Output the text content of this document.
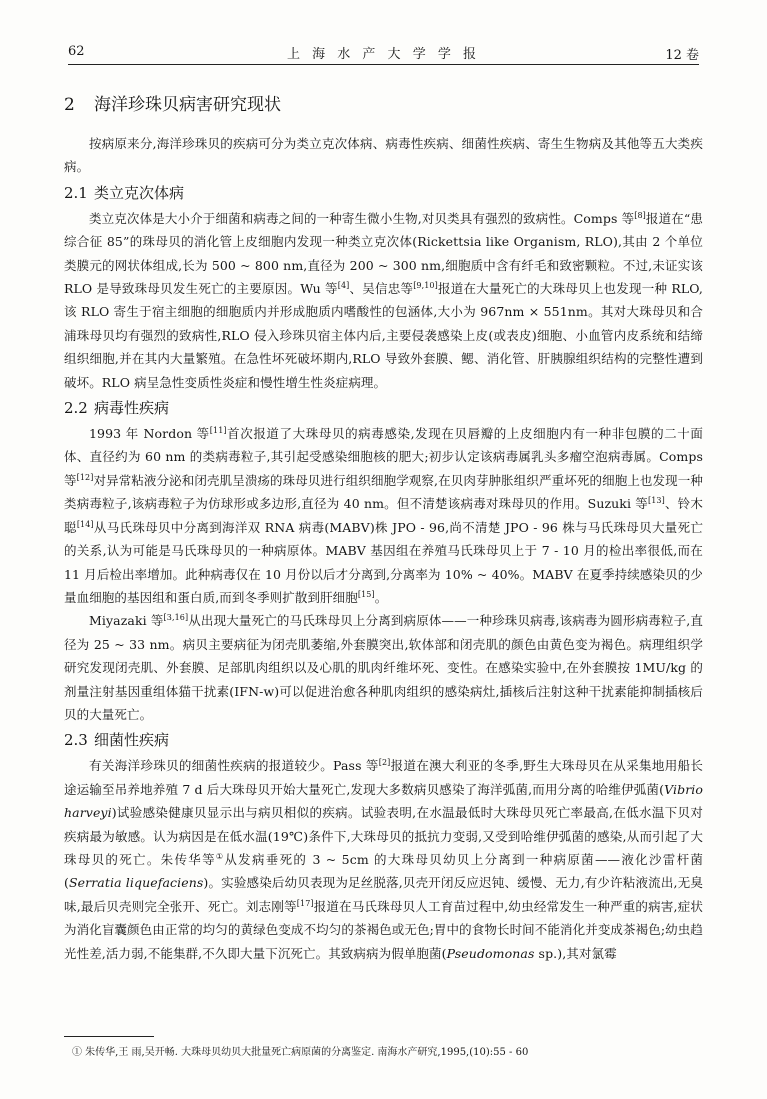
62	上 海 水 产 大 学 学 报	12 卷
2 海洋珍珠贝病害研究现状

按病原来分,海洋珍珠贝的疾病可分为类立克次体病、病毒性疾病、细菌性疾病、寄生生物病及其他等五大类疾病。

2.1 类立克次体病

类立克次体是大小介于细菌和病毒之间的一种寄生微小生物,对贝类具有强烈的致病性。Comps 等[8]报道在“患综合征 85”的珠母贝的消化管上皮细胞内发现一种类立克次体(Rickettsia like Organism, RLO),其由 2 个单位类膜元的网状体组成,长为 500 ~ 800 nm,直径为 200 ~ 300 nm,细胞质中含有纤毛和致密颗粒。不过,未证实该 RLO 是导致珠母贝发生死亡的主要原因。Wu 等[4]、吴信忠等[9,10]报道在大量死亡的大珠母贝上也发现一种 RLO,该 RLO 寄生于宿主细胞的细胞质内并形成胞质内嗜酸性的包涵体,大小为 967nm × 551nm。其对大珠母贝和合浦珠母贝均有强烈的致病性,RLO 侵入珍珠贝宿主体内后,主要侵袭感染上皮(或表皮)细胞、小血管内皮系统和结缔组织细胞,并在其内大量繁殖。在急性坏死破坏期内,RLO 导致外套膜、鳃、消化管、肝胰腺组织结构的完整性遭到破坏。RLO 病呈急性变质性炎症和慢性增生性炎症病理。

2.2 病毒性疾病

1993 年 Nordon 等[11]首次报道了大珠母贝的病毒感染,发现在贝唇瓣的上皮细胞内有一种非包膜的二十面体、直径约为 60 nm 的类病毒粒子,其引起受感染细胞核的肥大;初步认定该病毒属乳头多瘤空泡病毒属。Comps 等[12]对异常粘液分泌和闭壳肌呈溃疡的珠母贝进行组织细胞学观察,在贝肉芽肿胀组织严重坏死的细胞上也发现一种类病毒粒子,该病毒粒子为仿球形或多边形,直径为 40 nm。但不清楚该病毒对珠母贝的作用。Suzuki 等[13]、铃木聪[14]从马氏珠母贝中分离到海洋双 RNA 病毒(MABV)株 JPO - 96,尚不清楚 JPO - 96 株与马氏珠母贝大量死亡的关系,认为可能是马氏珠母贝的一种病原体。MABV 基因组在养殖马氏珠母贝上于 7 - 10 月的检出率很低,而在 11 月后检出率增加。此种病毒仅在 10 月份以后才分离到,分离率为 10% ~ 40%。MABV 在夏季持续感染贝的少量血细胞的基因组和蛋白质,而到冬季则扩散到肝细胞[15]。

Miyazaki 等[3,16]从出现大量死亡的马氏珠母贝上分离到病原体——一种珍珠贝病毒,该病毒为圆形病毒粒子,直径为 25 ~ 33 nm。病贝主要病征为闭壳肌萎缩,外套膜突出,软体部和闭壳肌的颜色由黄色变为褐色。病理组织学研究发现闭壳肌、外套膜、足部肌肉组织以及心肌的肌肉纤维坏死、变性。在感染实验中,在外套膜按 1MU/kg 的剂量注射基因重组体猫干扰素(IFN-w)可以促进治愈各种肌肉组织的感染病灶,插核后注射这种干扰素能抑制插核后贝的大量死亡。

2.3 细菌性疾病

有关海洋珍珠贝的细菌性疾病的报道较少。Pass 等[2]报道在澳大利亚的冬季,野生大珠母贝在从采集地用船长途运输至吊养地养殖 7 d 后大珠母贝开始大量死亡,发现大多数病贝感染了海洋弧菌,而用分离的哈维伊弧菌(Vibrio harveyi)试验感染健康贝显示出与病贝相似的疾病。试验表明,在水温最低时大珠母贝死亡率最高,在低水温下贝对疾病最为敏感。认为病因是在低水温(19℃)条件下,大珠母贝的抵抗力变弱,又受到哈维伊弧菌的感染,从而引起了大珠母贝的死亡。朱传华等①从发病垂死的 3 ~ 5cm 的大珠母贝幼贝上分离到一种病原菌——液化沙雷杆菌(Serratia liquefaciens)。实验感染后幼贝表现为足丝脱落,贝壳开闭反应迟钝、缓慢、无力,有少许粘液流出,无臭味,最后贝壳则完全张开、死亡。刘志刚等[17]报道在马氏珠母贝人工育苗过程中,幼虫经常发生一种严重的病害,症状为消化盲囊颜色由正常的均匀的黄绿色变成不均匀的茶褐色或无色;胃中的食物长时间不能消化并变成茶褐色;幼虫趋光性差,活力弱,不能集群,不久即大量下沉死亡。其致病病为假单胞菌(Pseudomonas sp.),其对氯霉

① 朱传华,王 雨,吴开畅. 大珠母贝幼贝大批量死亡病原菌的分离鉴定. 南海水产研究,1995,(10):55 - 60
